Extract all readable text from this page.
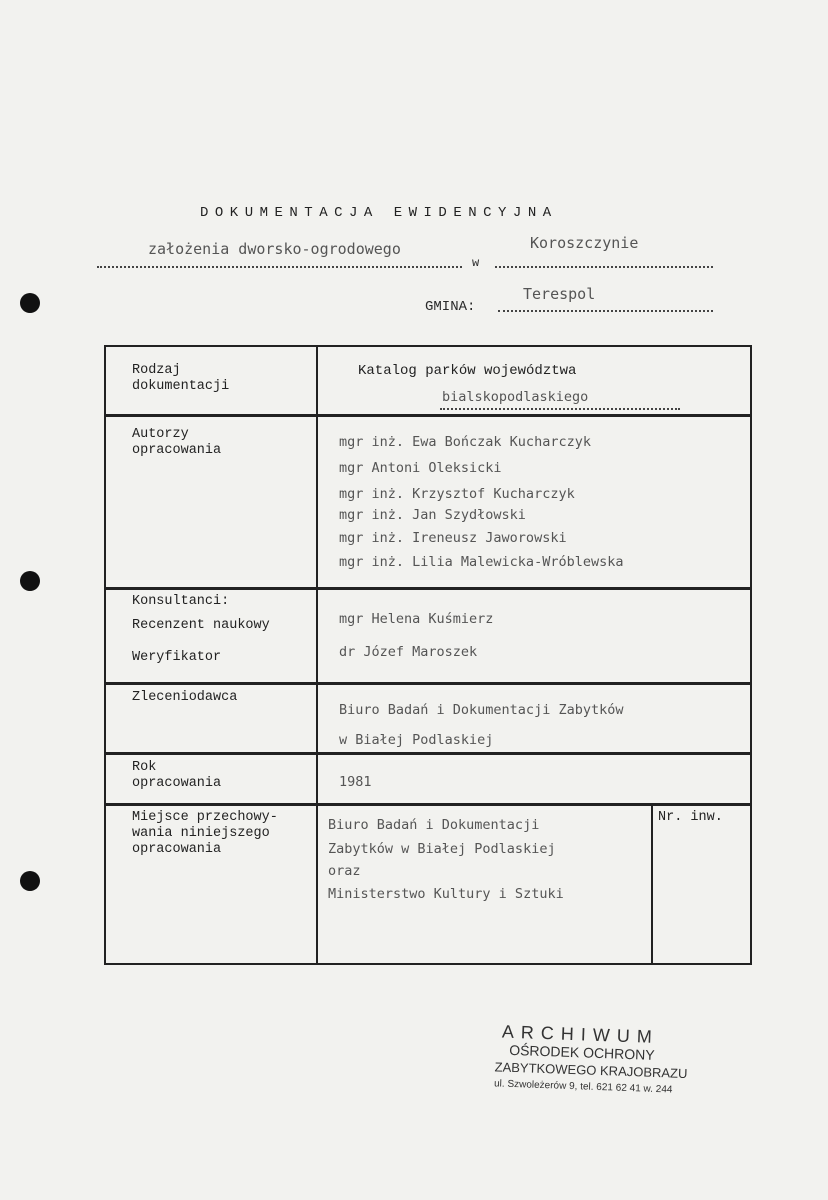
DOKUMENTACJA EWIDENCYJNA
założenia dworsko-ogrodowego
w
Koroszczynie
GMINA:
Terespol
Rodzaj
dokumentacji
Katalog parków województwa
bialskopodlaskiego
Autorzy
opracowania
mgr inż. Ewa Bończak Kucharczyk
mgr Antoni Oleksicki
mgr inż. Krzysztof Kucharczyk
mgr inż. Jan Szydłowski
mgr inż. Ireneusz Jaworowski
mgr inż. Lilia Malewicka-Wróblewska
Konsultanci:
Recenzent naukowy
Weryfikator
mgr Helena Kuśmierz
dr Józef Maroszek
Zleceniodawca
Biuro Badań i Dokumentacji Zabytków
w Białej Podlaskiej
Rok
opracowania	1981
Miejsce przechowy-
wania niniejszego
opracowania
Biuro Badań i Dokumentacji
Zabytków w Białej Podlaskiej
oraz
Ministerstwo Kultury i Sztuki
Nr. inw.
ARCHIWUM
OŚRODEK OCHRONY
ZABYTKOWEGO KRAJOBRAZU
ul. Szwoleżerów 9, tel. 621 62 41 w. 244
